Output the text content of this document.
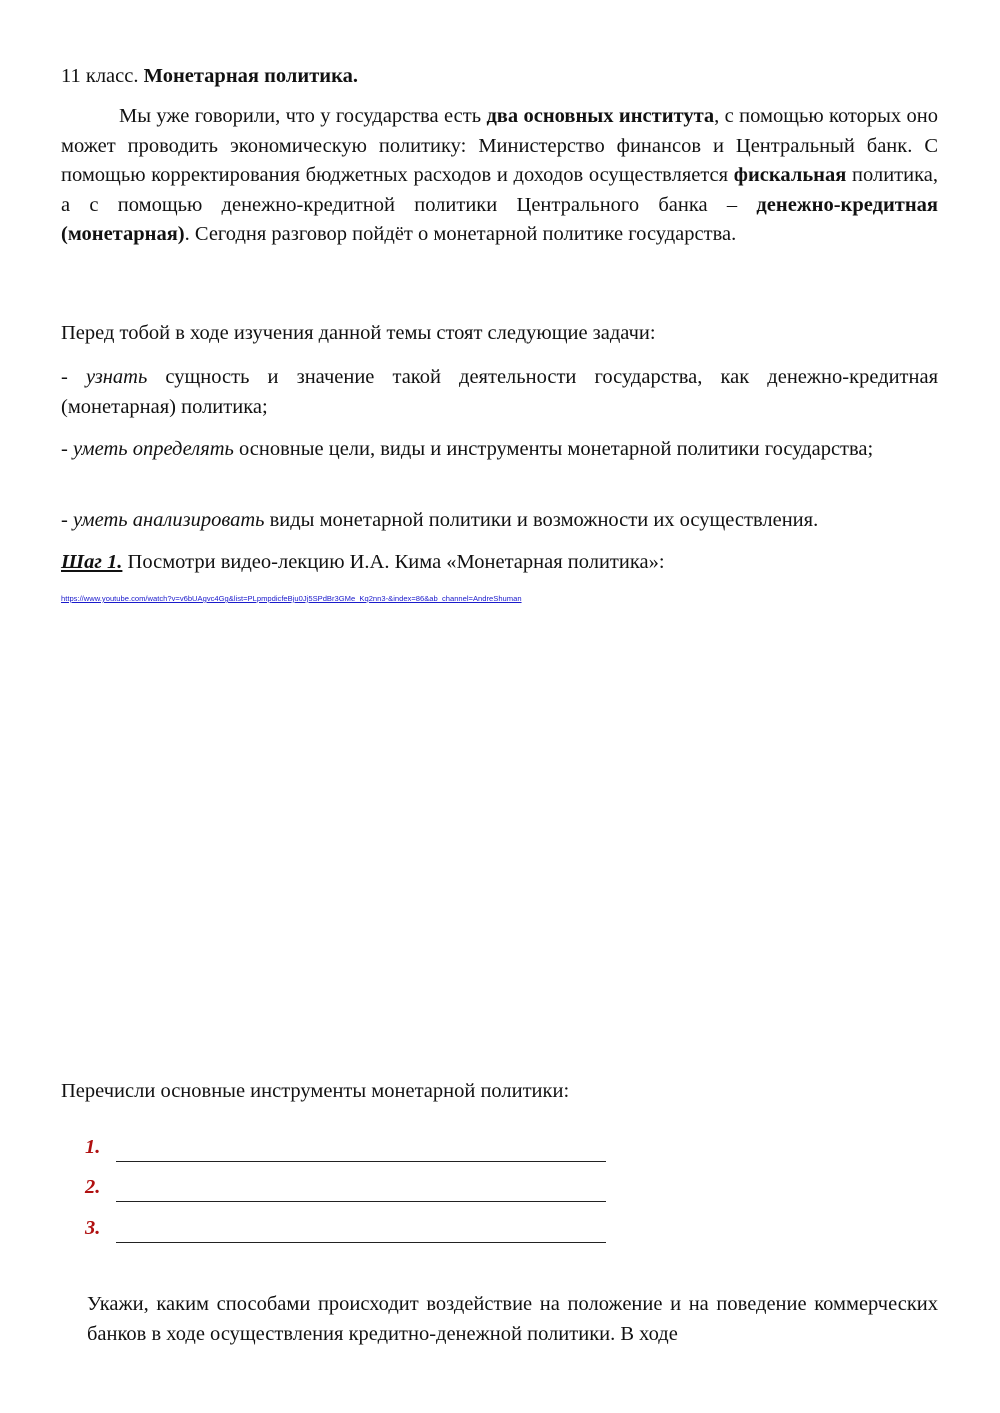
11 класс. Монетарная политика.

Мы уже говорили, что у государства есть два основных института, с помощью которых оно может проводить экономическую политику: Министерство финансов и Центральный банк. С помощью корректирования бюджетных расходов и доходов осуществляется фискальная политика, а с помощью денежно-кредитной политики Центрального банка – денежно-кредитная (монетарная). Сегодня разговор пойдёт о монетарной политике государства.

Перед тобой в ходе изучения данной темы стоят следующие задачи:

- узнать сущность и значение такой деятельности государства, как денежно-кредитная (монетарная) политика;

- уметь определять основные цели, виды и инструменты монетарной политики государства;

- уметь анализировать виды монетарной политики и возможности их осуществления.

Шаг 1. Посмотри видео-лекцию И.А. Кима «Монетарная политика»:

https://www.youtube.com/watch?v=v6bUAgvc4Gg&list=PLpmpdicfeBju0Jj5SPdBr3GMe_Kq2nn3-&index=86&ab_channel=AndreShuman

Перечисли основные инструменты монетарной политики:

1.
2.
3.

Укажи, каким способами происходит воздействие на положение и на поведение коммерческих банков в ходе осуществления кредитно-денежной политики. В ходе
